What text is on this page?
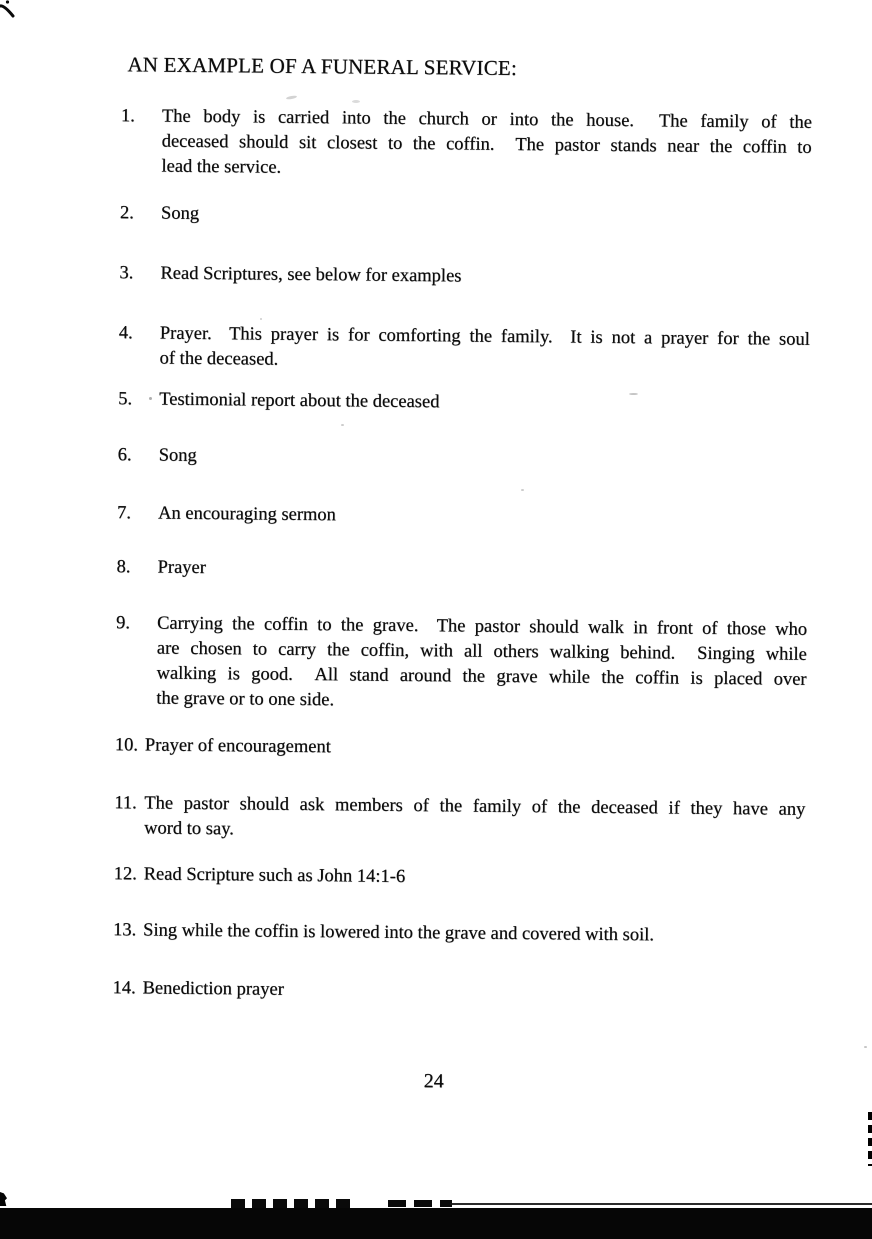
AN EXAMPLE OF A FUNERAL SERVICE:
1. The body is carried into the church or into the house.  The family of the
deceased should sit closest to the coffin.  The pastor stands near the coffin to
lead the service.
2. Song
3. Read Scriptures, see below for examples
4. Prayer.  This prayer is for comforting the family.  It is not a prayer for the soul
of the deceased.
5. Testimonial report about the deceased
6. Song
7. An encouraging sermon
8. Prayer
9. Carrying the coffin to the grave.  The pastor should walk in front of those who
are chosen to carry the coffin, with all others walking behind.  Singing while
walking is good.  All stand around the grave while the coffin is placed over
the grave or to one side.
10. Prayer of encouragement
11. The pastor should ask members of the family of the deceased if they have any
word to say.
12. Read Scripture such as John 14:1-6
13. Sing while the coffin is lowered into the grave and covered with soil.
14. Benediction prayer
24
